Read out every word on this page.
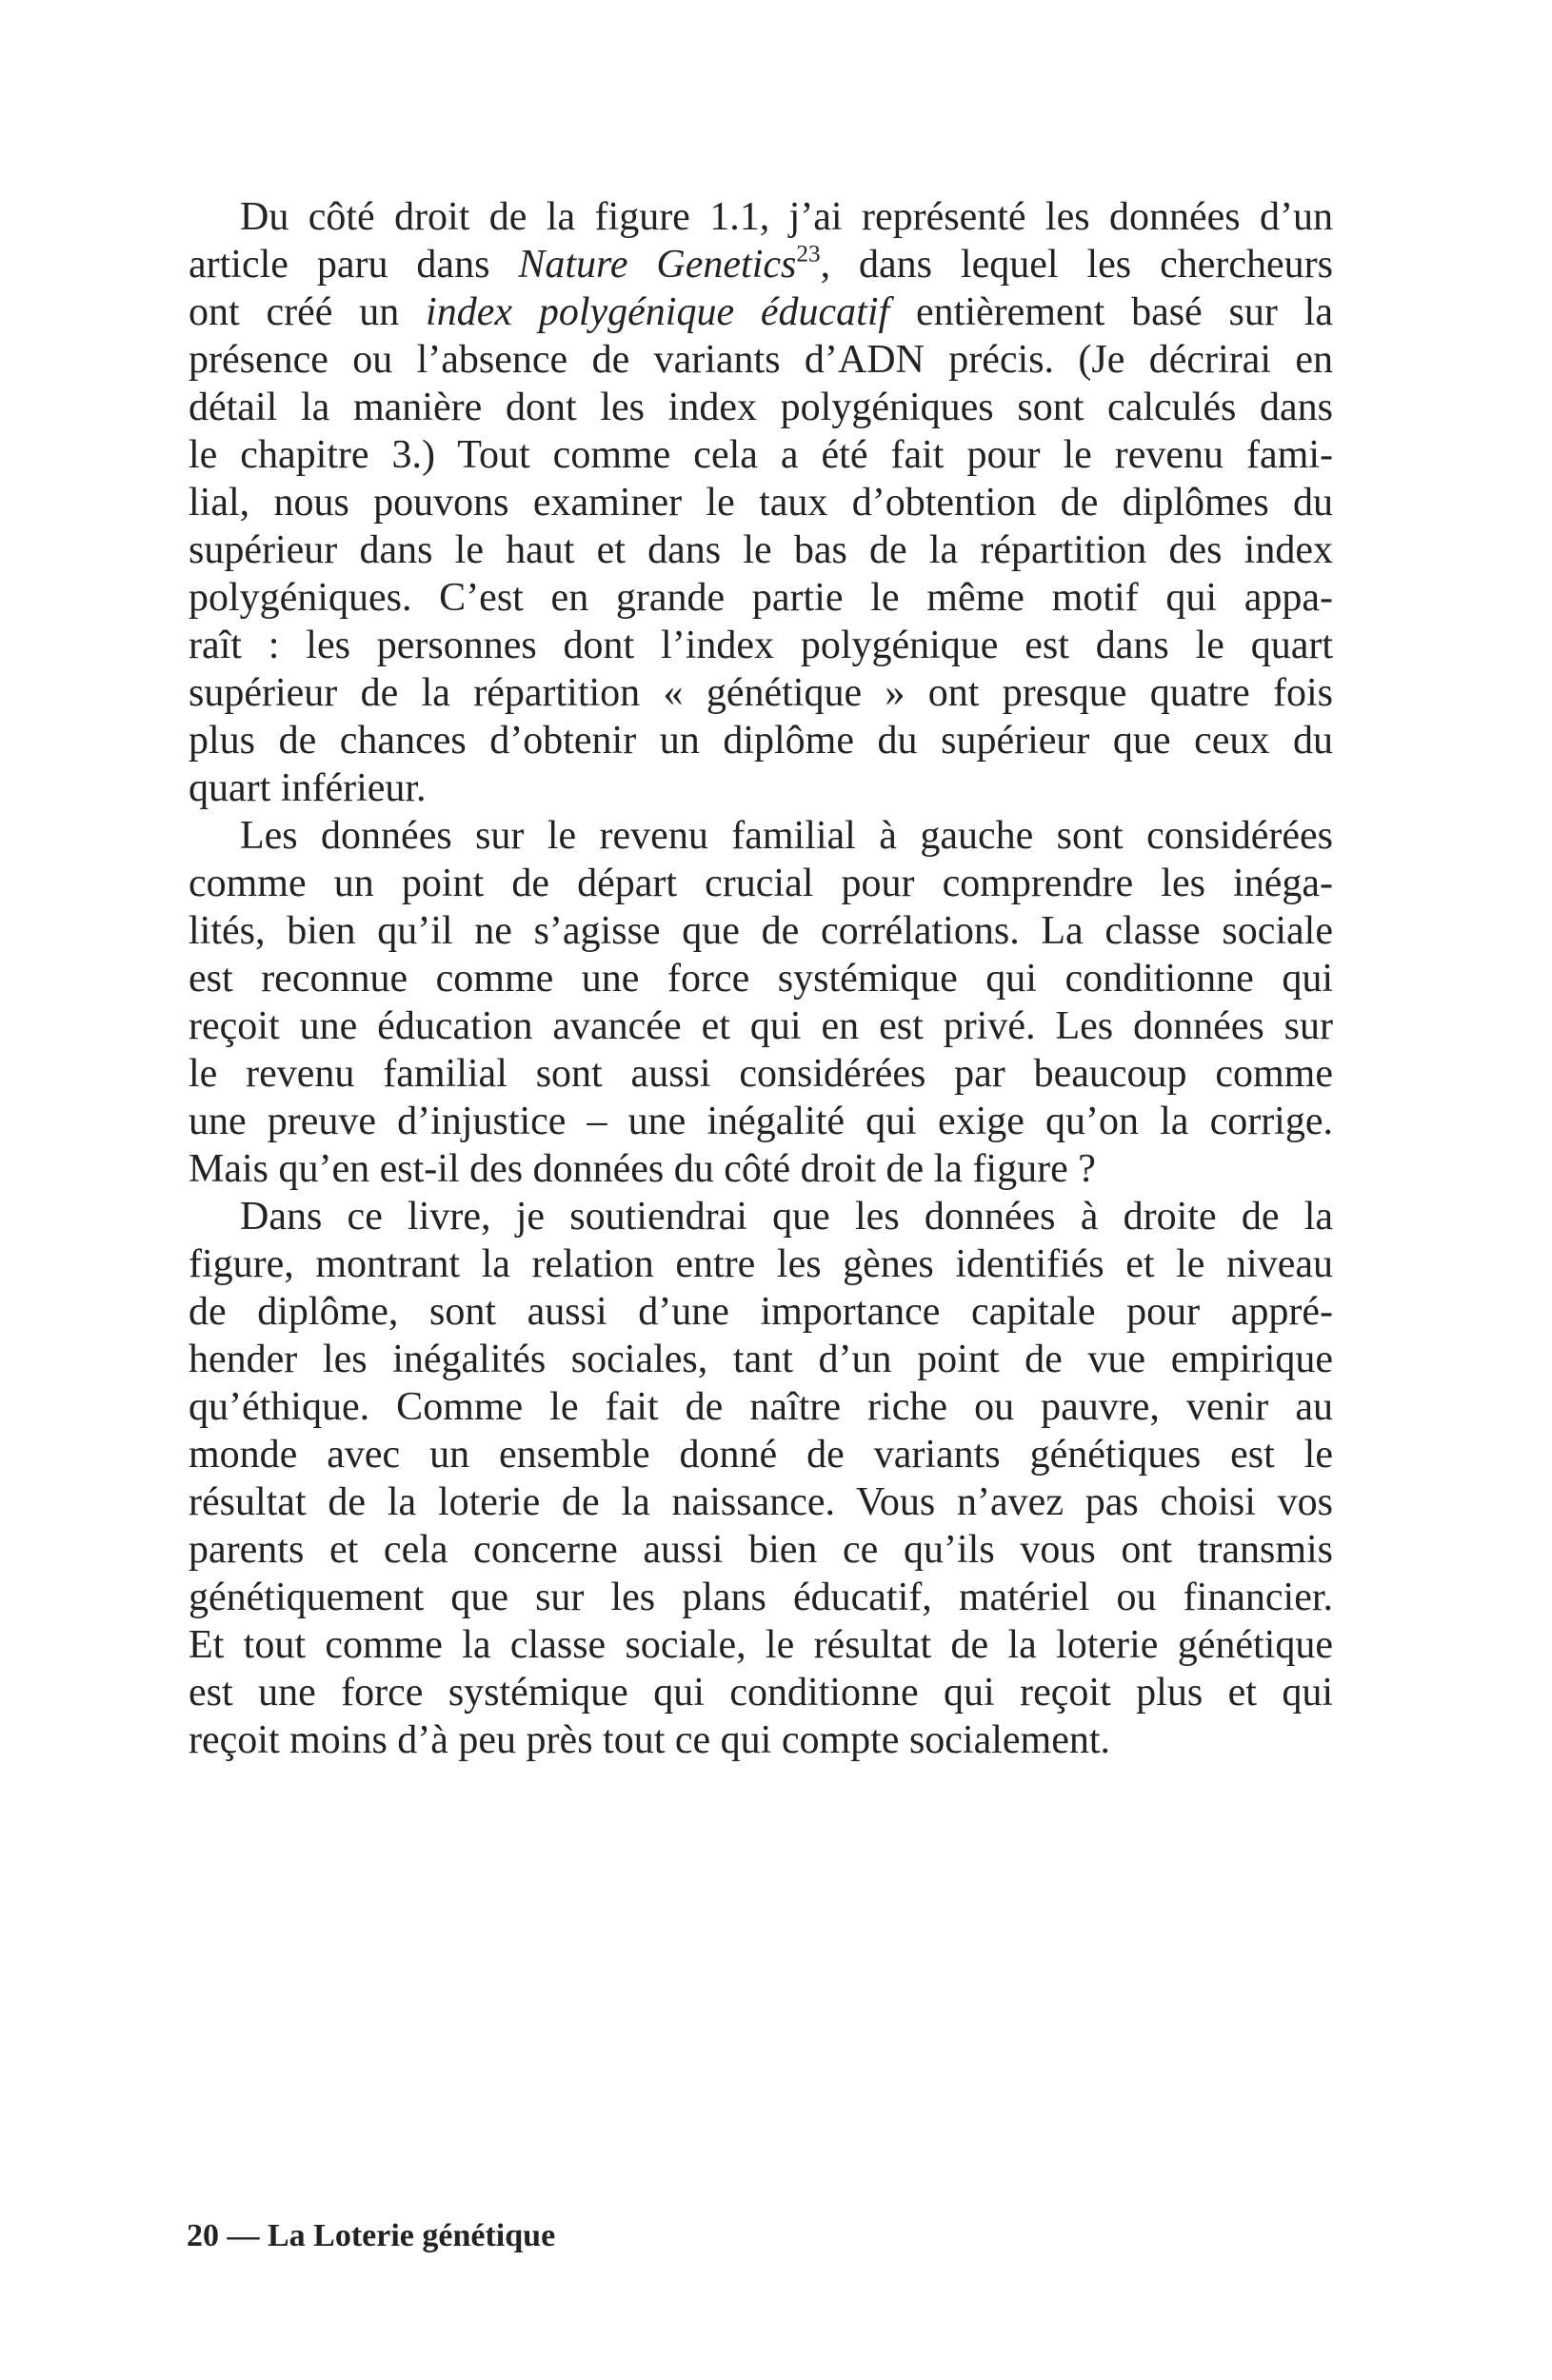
Du côté droit de la figure 1.1, j’ai représenté les données d’un
article paru dans Nature Genetics$^{23}$, dans lequel les chercheurs
ont créé un index polygénique éducatif entièrement basé sur la
présence ou l’absence de variants d’ADN précis. (Je décrirai en
détail la manière dont les index polygéniques sont calculés dans
le chapitre 3.) Tout comme cela a été fait pour le revenu fami-
lial, nous pouvons examiner le taux d’obtention de diplômes du
supérieur dans le haut et dans le bas de la répartition des index
polygéniques. C’est en grande partie le même motif qui appa-
raît : les personnes dont l’index polygénique est dans le quart
supérieur de la répartition « génétique » ont presque quatre fois
plus de chances d’obtenir un diplôme du supérieur que ceux du
quart inférieur.
Les données sur le revenu familial à gauche sont considérées
comme un point de départ crucial pour comprendre les inéga-
lités, bien qu’il ne s’agisse que de corrélations. La classe sociale
est reconnue comme une force systémique qui conditionne qui
reçoit une éducation avancée et qui en est privé. Les données sur
le revenu familial sont aussi considérées par beaucoup comme
une preuve d’injustice – une inégalité qui exige qu’on la corrige.
Mais qu’en est-il des données du côté droit de la figure ?
Dans ce livre, je soutiendrai que les données à droite de la
figure, montrant la relation entre les gènes identifiés et le niveau
de diplôme, sont aussi d’une importance capitale pour appré-
hender les inégalités sociales, tant d’un point de vue empirique
qu’éthique. Comme le fait de naître riche ou pauvre, venir au
monde avec un ensemble donné de variants génétiques est le
résultat de la loterie de la naissance. Vous n’avez pas choisi vos
parents et cela concerne aussi bien ce qu’ils vous ont transmis
génétiquement que sur les plans éducatif, matériel ou financier.
Et tout comme la classe sociale, le résultat de la loterie génétique
est une force systémique qui conditionne qui reçoit plus et qui
reçoit moins d’à peu près tout ce qui compte socialement.
20 — La Loterie génétique
